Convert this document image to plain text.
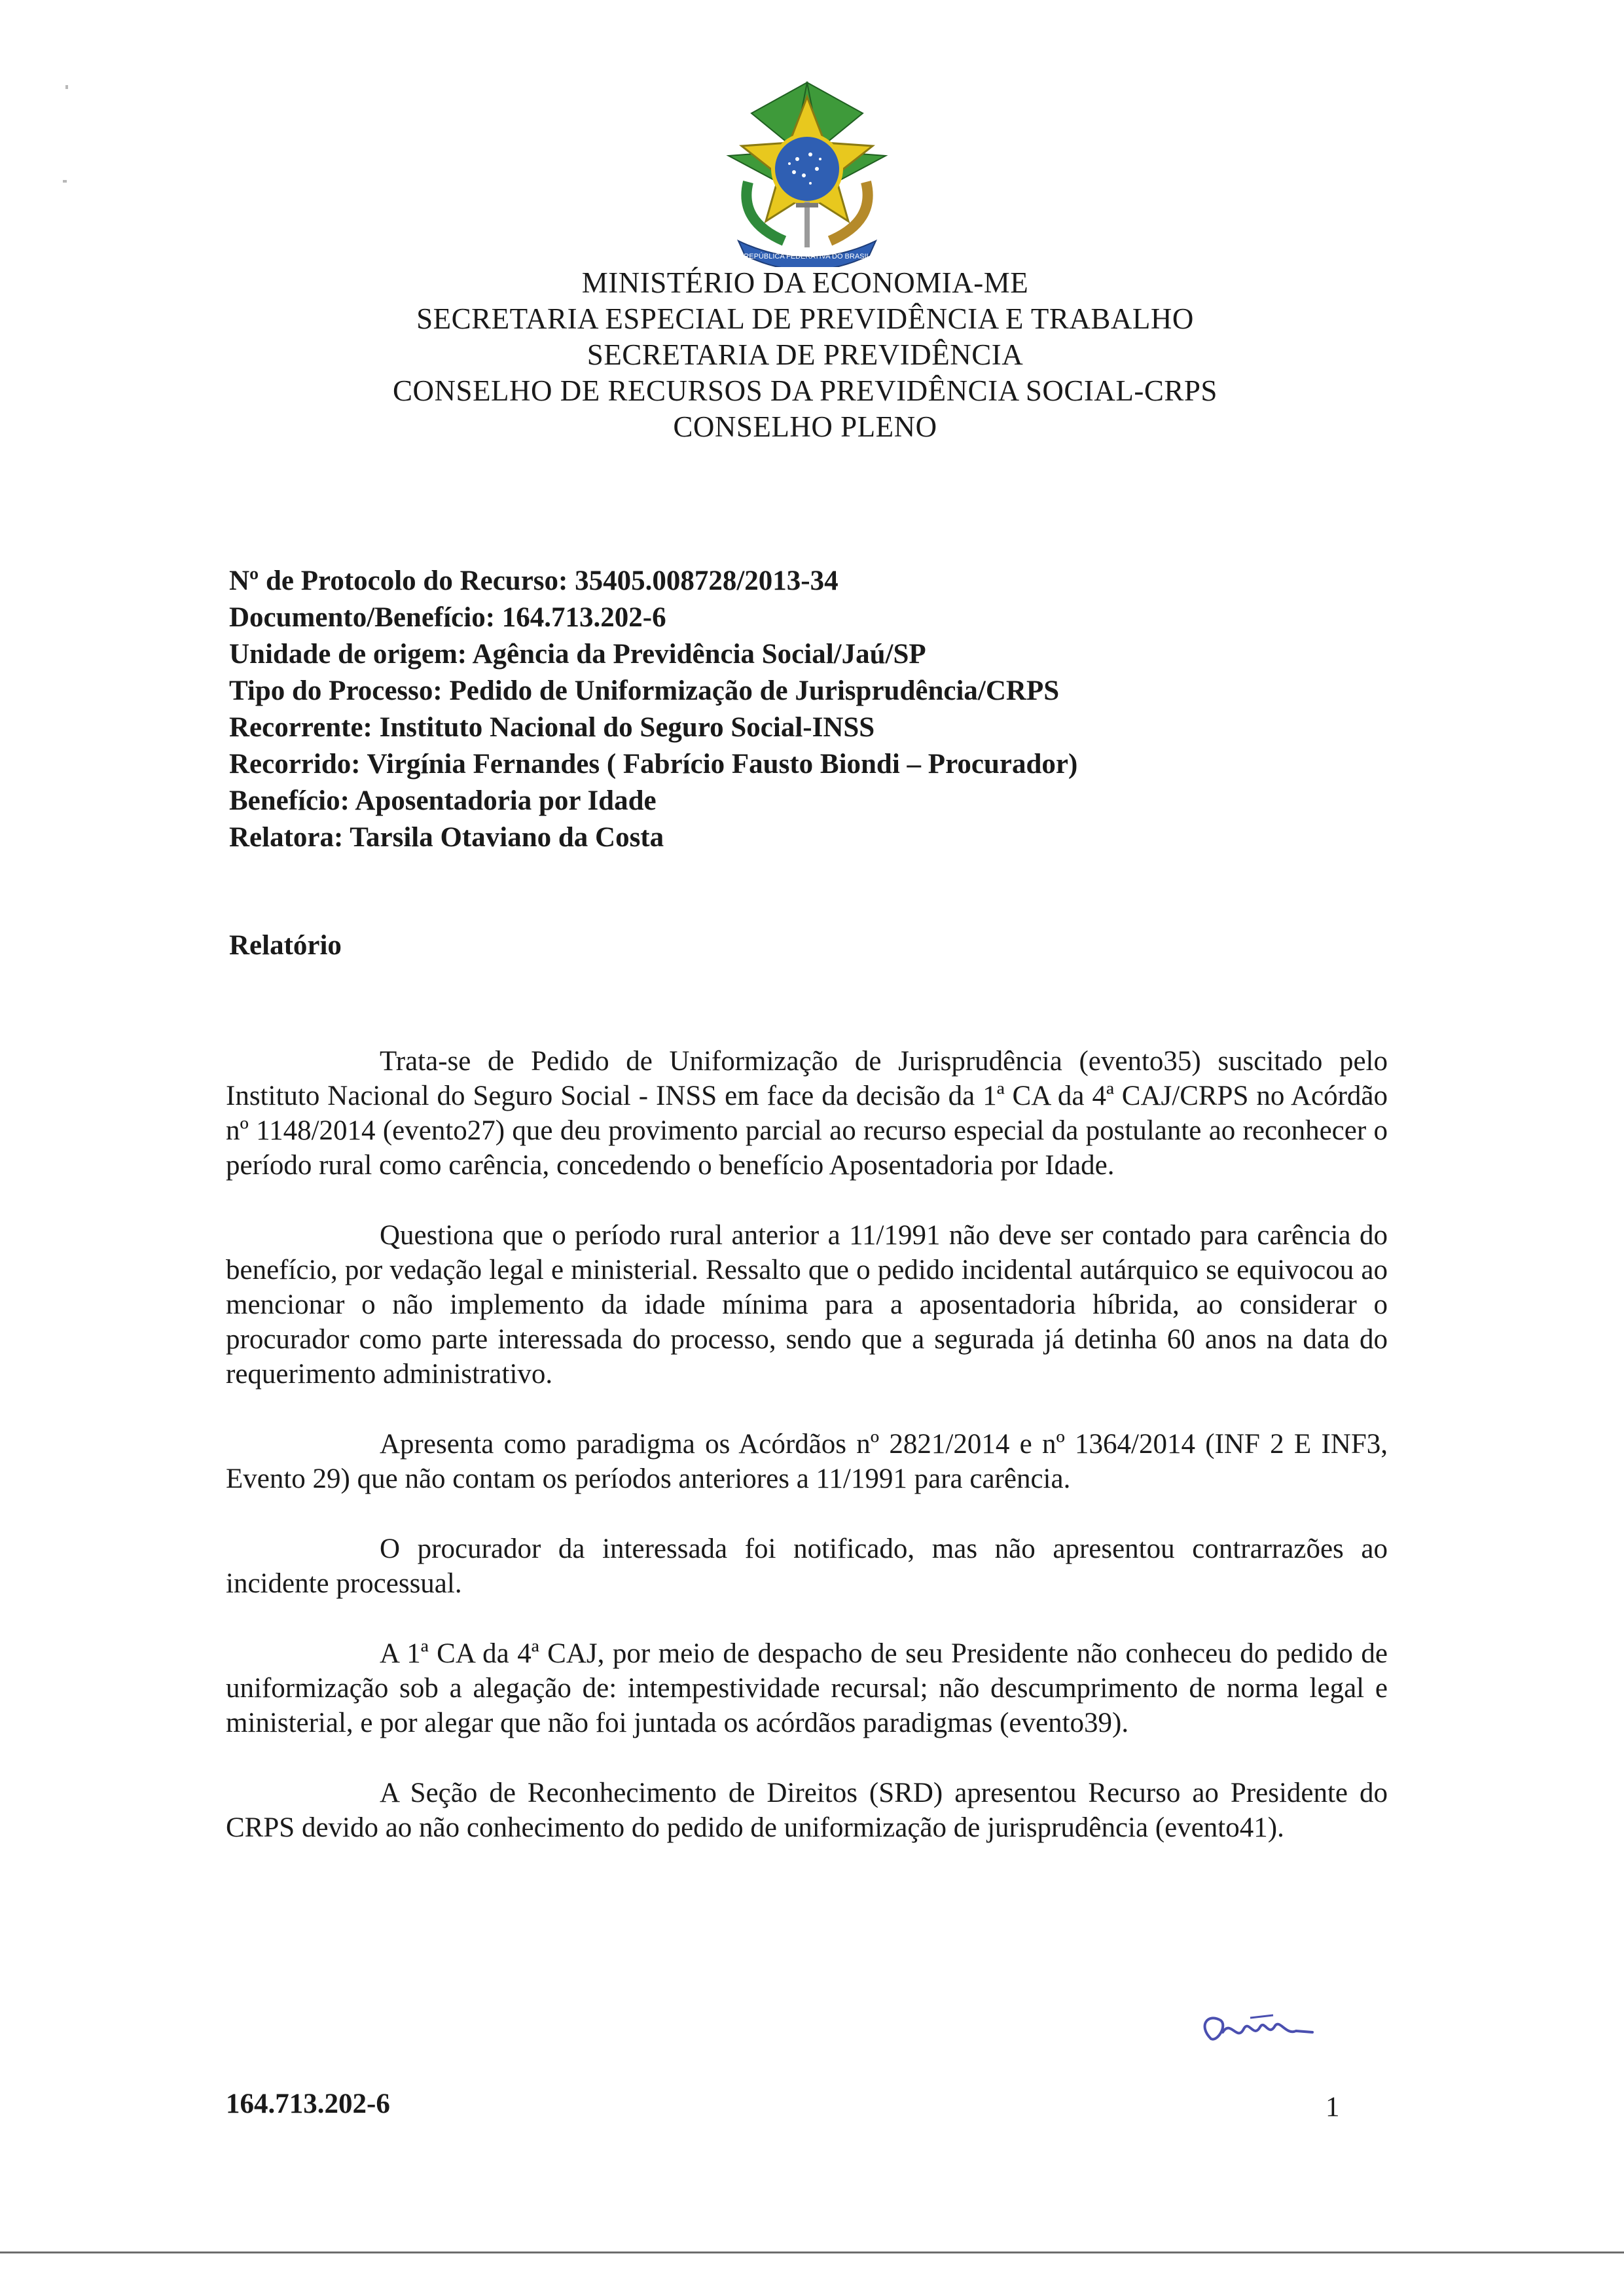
REPÚBLICA FEDERATIVA DO BRASIL
MINISTÉRIO DA ECONOMIA-ME
SECRETARIA ESPECIAL DE PREVIDÊNCIA E TRABALHO
SECRETARIA DE PREVIDÊNCIA
CONSELHO DE RECURSOS DA PREVIDÊNCIA SOCIAL-CRPS
CONSELHO PLENO
Nº de Protocolo do Recurso: 35405.008728/2013-34
Documento/Benefício: 164.713.202-6
Unidade de origem: Agência da Previdência Social/Jaú/SP
Tipo do Processo: Pedido de Uniformização de Jurisprudência/CRPS
Recorrente: Instituto Nacional do Seguro Social-INSS
Recorrido: Virgínia Fernandes ( Fabrício Fausto Biondi – Procurador)
Benefício: Aposentadoria por Idade
Relatora: Tarsila Otaviano da Costa
Relatório

Trata-se de Pedido de Uniformização de Jurisprudência (evento35) suscitado pelo Instituto Nacional do Seguro Social - INSS em face da decisão da 1ª CA da 4ª CAJ/CRPS no Acórdão nº 1148/2014 (evento27) que deu provimento parcial ao recurso especial da postulante ao reconhecer o período rural como carência, concedendo o benefício Aposentadoria por Idade.

Questiona que o período rural anterior a 11/1991 não deve ser contado para carência do benefício, por vedação legal e ministerial. Ressalto que o pedido incidental autárquico se equivocou ao mencionar o não implemento da idade mínima para a aposentadoria híbrida, ao considerar o procurador como parte interessada do processo, sendo que a segurada já detinha 60 anos na data do requerimento administrativo.

Apresenta como paradigma os Acórdãos nº 2821/2014 e nº 1364/2014 (INF 2 E INF3, Evento 29) que não contam os períodos anteriores a 11/1991 para carência.

O procurador da interessada foi notificado, mas não apresentou contrarrazões ao incidente processual.

A 1ª CA da 4ª CAJ, por meio de despacho de seu Presidente não conheceu do pedido de uniformização sob a alegação de: intempestividade recursal; não descumprimento de norma legal e ministerial, e por alegar que não foi juntada os acórdãos paradigmas (evento39).

A Seção de Reconhecimento de Direitos (SRD) apresentou Recurso ao Presidente do CRPS devido ao não conhecimento do pedido de uniformização de jurisprudência (evento41).

164.713.202-6	1
